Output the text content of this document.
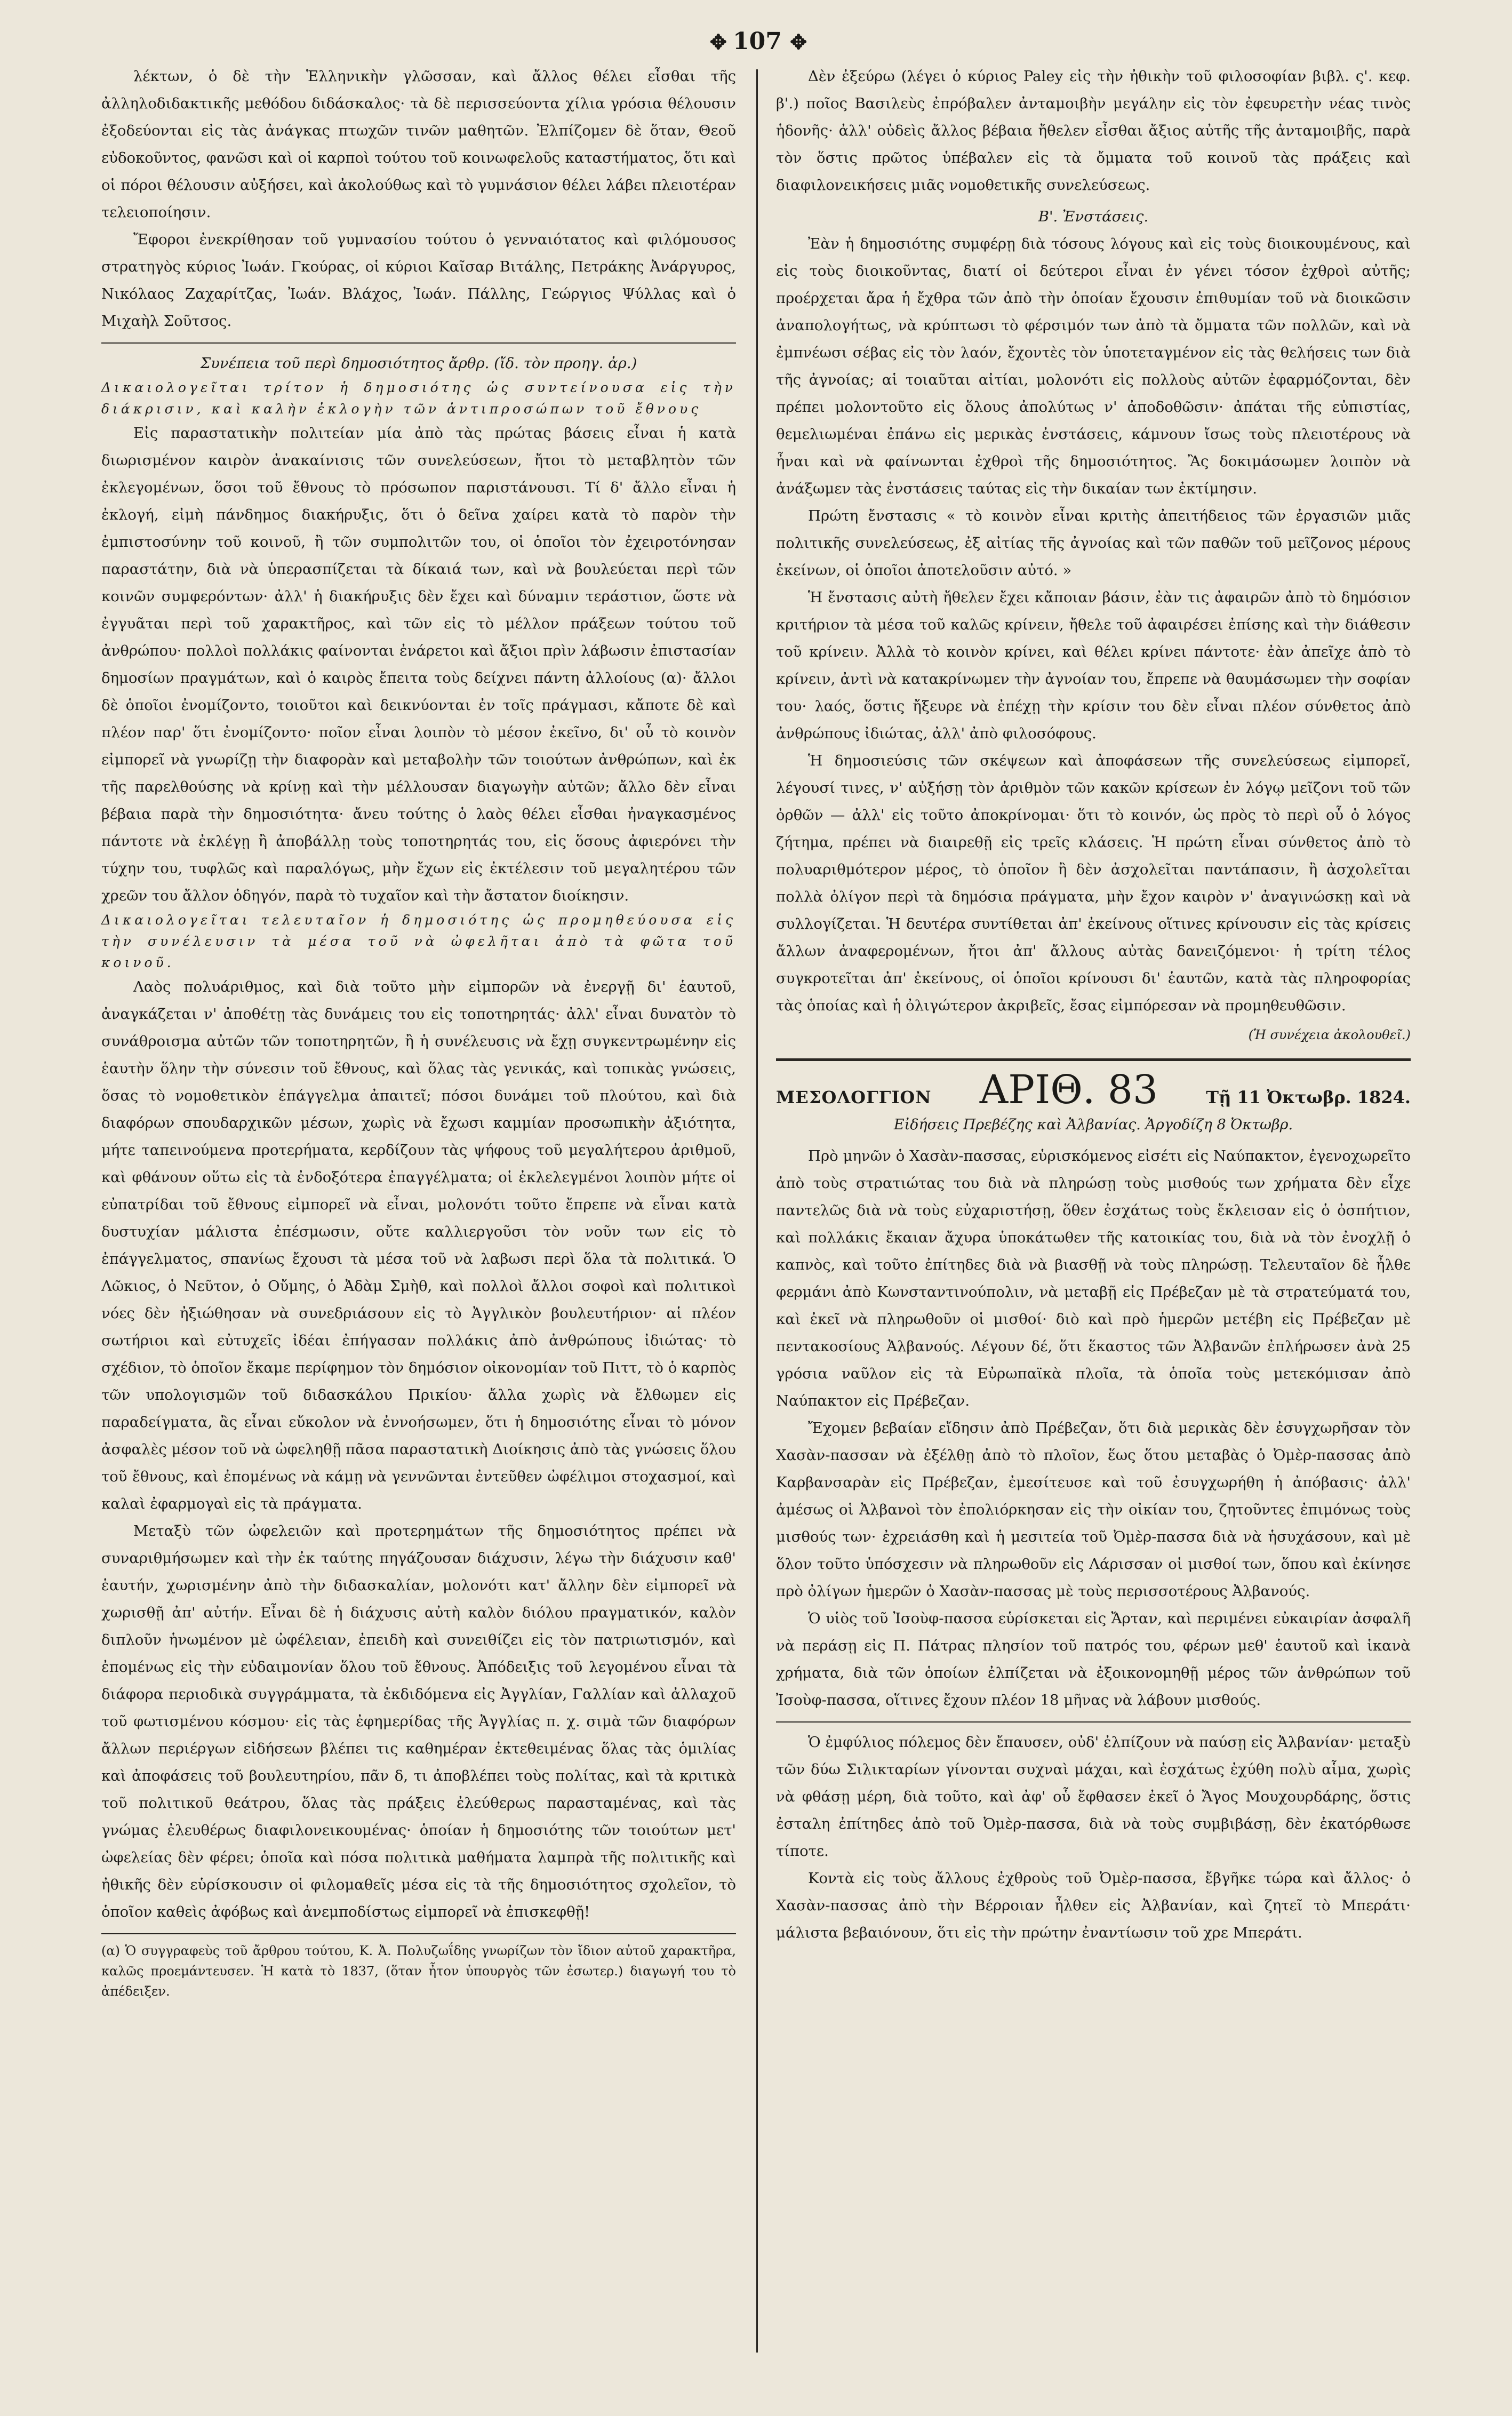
✥ 107 ✥

λέκτων, ὁ δὲ τὴν Ἑλληνικὴν γλῶσσαν, καὶ ἄλλος θέλει εἶσθαι τῆς ἀλληλοδιδακτικῆς μεθόδου διδάσκαλος· τὰ δὲ περισσεύοντα χίλια γρόσια θέλουσιν ἐξοδεύονται εἰς τὰς ἀνάγκας πτωχῶν τινῶν μαθητῶν. Ἐλπίζομεν δὲ ὅταν, Θεοῦ εὐδοκοῦντος, φανῶσι καὶ οἱ καρποὶ τούτου τοῦ κοινωφελοῦς καταστήματος, ὅτι καὶ οἱ πόροι θέλουσιν αὐξήσει, καὶ ἀκολούθως καὶ τὸ γυμνάσιον θέλει λάβει πλειοτέραν τελειοποίησιν.

Ἔφοροι ἐνεκρίθησαν τοῦ γυμνασίου τούτου ὁ γενναιότατος καὶ φιλόμουσος στρατηγὸς κύριος Ἰωάν. Γκούρας, οἱ κύριοι Καῖσαρ Βιτάλης, Πετράκης Ἀνάργυρος, Νικόλαος Ζαχαρίτζας, Ἰωάν. Βλάχος, Ἰωάν. Πάλλης, Γεώργιος Ψύλλας καὶ ὁ Μιχαὴλ Σοῦτσος.

Συνέπεια τοῦ περὶ δημοσιότητος ἄρθρ. (ἴδ. τὸν προηγ. ἀρ.)

Δικαιολογεῖται τρίτον ἡ δημοσιότης ὡς συντείνουσα εἰς τὴν διάκρισιν, καὶ καλὴν ἐκλογὴν τῶν ἀντιπροσώπων τοῦ ἔθνους

Εἰς παραστατικὴν πολιτείαν μία ἀπὸ τὰς πρώτας βάσεις εἶναι ἡ κατὰ διωρισμένον καιρὸν ἀνακαίνισις τῶν συνελεύσεων, ἤτοι τὸ μεταβλητὸν τῶν ἐκλεγομένων, ὅσοι τοῦ ἔθνους τὸ πρόσωπον παριστάνουσι. Τί δ' ἄλλο εἶναι ἡ ἐκλογή, εἰμὴ πάνδημος διακήρυξις, ὅτι ὁ δεῖνα χαίρει κατὰ τὸ παρὸν τὴν ἐμπιστοσύνην τοῦ κοινοῦ, ἢ τῶν συμπολιτῶν του, οἱ ὁποῖοι τὸν ἐχειροτόνησαν παραστάτην, διὰ νὰ ὑπερασπίζεται τὰ δίκαιά των, καὶ νὰ βουλεύεται περὶ τῶν κοινῶν συμφερόντων· ἀλλ' ἡ διακήρυξις δὲν ἔχει καὶ δύναμιν τεράστιον, ὥστε νὰ ἐγγυᾶται περὶ τοῦ χαρακτῆρος, καὶ τῶν εἰς τὸ μέλλον πράξεων τούτου τοῦ ἀνθρώπου· πολλοὶ πολλάκις φαίνονται ἐνάρετοι καὶ ἄξιοι πρὶν λάβωσιν ἐπιστασίαν δημοσίων πραγμάτων, καὶ ὁ καιρὸς ἔπειτα τοὺς δείχνει πάντη ἀλλοίους (α)· ἄλλοι δὲ ὁποῖοι ἐνομίζοντο, τοιοῦτοι καὶ δεικνύονται ἐν τοῖς πράγμασι, κἄποτε δὲ καὶ πλέον παρ' ὅτι ἐνομίζοντο· ποῖον εἶναι λοιπὸν τὸ μέσον ἐκεῖνο, δι' οὗ τὸ κοινὸν εἰμπορεῖ νὰ γνωρίζῃ τὴν διαφορὰν καὶ μεταβολὴν τῶν τοιούτων ἀνθρώπων, καὶ ἐκ τῆς παρελθούσης νὰ κρίνῃ καὶ τὴν μέλλουσαν διαγωγὴν αὐτῶν; ἄλλο δὲν εἶναι βέβαια παρὰ τὴν δημοσιότητα· ἄνευ τούτης ὁ λαὸς θέλει εἶσθαι ἠναγκασμένος πάντοτε νὰ ἐκλέγῃ ἢ ἀποβάλλῃ τοὺς τοποτηρητάς του, εἰς ὅσους ἀφιερόνει τὴν τύχην του, τυφλῶς καὶ παραλόγως, μὴν ἔχων εἰς ἐκτέλεσιν τοῦ μεγαλητέρου τῶν χρεῶν του ἄλλον ὁδηγόν, παρὰ τὸ τυχαῖον καὶ τὴν ἄστατον διοίκησιν.

Δικαιολογεῖται τελευταῖον ἡ δημοσιότης ὡς προμηθεύουσα εἰς τὴν συνέλευσιν τὰ μέσα τοῦ νὰ ὠφελῆται ἀπὸ τὰ φῶτα τοῦ κοινοῦ.

Λαὸς πολυάριθμος, καὶ διὰ τοῦτο μὴν εἰμπορῶν νὰ ἐνεργῇ δι' ἑαυτοῦ, ἀναγκάζεται ν' ἀποθέτῃ τὰς δυνάμεις του εἰς τοποτηρητάς· ἀλλ' εἶναι δυνατὸν τὸ συνάθροισμα αὐτῶν τῶν τοποτηρητῶν, ἢ ἡ συνέλευσις νὰ ἔχῃ συγκεντρωμένην εἰς ἑαυτὴν ὅλην τὴν σύνεσιν τοῦ ἔθνους, καὶ ὅλας τὰς γενικάς, καὶ τοπικὰς γνώσεις, ὅσας τὸ νομοθετικὸν ἐπάγγελμα ἀπαιτεῖ; πόσοι δυνάμει τοῦ πλούτου, καὶ διὰ διαφόρων σπουδαρχικῶν μέσων, χωρὶς νὰ ἔχωσι καμμίαν προσωπικὴν ἀξιότητα, μήτε ταπεινούμενα προτερήματα, κερδίζουν τὰς ψήφους τοῦ μεγαλήτερου ἀριθμοῦ, καὶ φθάνουν οὕτω εἰς τὰ ἐνδοξότερα ἐπαγγέλματα; οἱ ἐκλελεγμένοι λοιπὸν μήτε οἱ εὐπατρίδαι τοῦ ἔθνους εἰμπορεῖ νὰ εἶναι, μολονότι τοῦτο ἔπρεπε νὰ εἶναι κατὰ δυστυχίαν μάλιστα ἐπέσμωσιν, οὔτε καλλιεργοῦσι τὸν νοῦν των εἰς τὸ ἐπάγγελματος, σπανίως ἔχουσι τὰ μέσα τοῦ νὰ λαβωσι περὶ ὅλα τὰ πολιτικά. Ὁ Λῶκιος, ὁ Νεῦτον, ὁ Οὔμης, ὁ Ἀδὰμ Σμὴθ, καὶ πολλοὶ ἄλλοι σοφοὶ καὶ πολιτικοὶ νόες δὲν ἠξιώθησαν νὰ συνεδριάσουν εἰς τὸ Ἀγγλικὸν βουλευτήριον· αἱ πλέον σωτήριοι καὶ εὐτυχεῖς ἰδέαι ἐπήγασαν πολλάκις ἀπὸ ἀνθρώπους ἰδιώτας· τὸ σχέδιον, τὸ ὁποῖον ἔκαμε περίφημον τὸν δημόσιον οἰκονομίαν τοῦ Πιττ, τὸ ὁ καρπὸς τῶν υπολογισμῶν τοῦ διδασκάλου Πρικίου· ἄλλα χωρὶς νὰ ἔλθωμεν εἰς παραδείγματα, ἂς εἶναι εὔκολον νὰ ἐννοήσωμεν, ὅτι ἡ δημοσιότης εἶναι τὸ μόνον ἀσφαλὲς μέσον τοῦ νὰ ὠφεληθῇ πᾶσα παραστατικὴ Διοίκησις ἀπὸ τὰς γνώσεις ὅλου τοῦ ἔθνους, καὶ ἐπομένως νὰ κάμῃ νὰ γεννῶνται ἐντεῦθεν ὠφέλιμοι στοχασμοί, καὶ καλαὶ ἐφαρμογαὶ εἰς τὰ πράγματα.

Μεταξὺ τῶν ὠφελειῶν καὶ προτερημάτων τῆς δημοσιότητος πρέπει νὰ συναριθμήσωμεν καὶ τὴν ἐκ ταύτης πηγάζουσαν διάχυσιν, λέγω τὴν διάχυσιν καθ' ἑαυτήν, χωρισμένην ἀπὸ τὴν διδασκαλίαν, μολονότι κατ' ἄλλην δὲν εἰμπορεῖ νὰ χωρισθῇ ἀπ' αὐτήν. Εἶναι δὲ ἡ διάχυσις αὐτὴ καλὸν διόλου πραγματικόν, καλὸν διπλοῦν ἡνωμένον μὲ ὠφέλειαν, ἐπειδὴ καὶ συνειθίζει εἰς τὸν πατριωτισμόν, καὶ ἐπομένως εἰς τὴν εὐδαιμονίαν ὅλου τοῦ ἔθνους. Ἀπόδειξις τοῦ λεγομένου εἶναι τὰ διάφορα περιοδικὰ συγγράμματα, τὰ ἐκδιδόμενα εἰς Ἀγγλίαν, Γαλλίαν καὶ ἀλλαχοῦ τοῦ φωτισμένου κόσμου· εἰς τὰς ἐφημερίδας τῆς Ἀγγλίας π. χ. σιμὰ τῶν διαφόρων ἄλλων περιέργων εἰδήσεων βλέπει τις καθημέραν ἐκτεθειμένας ὅλας τὰς ὁμιλίας καὶ ἀποφάσεις τοῦ βουλευτηρίου, πᾶν δ, τι ἀποβλέπει τοὺς πολίτας, καὶ τὰ κριτικὰ τοῦ πολιτικοῦ θεάτρου, ὅλας τὰς πράξεις ἐλεύθερως παρασταμένας, καὶ τὰς γνώμας ἐλευθέρως διαφιλονεικουμένας· ὁποίαν ἡ δημοσιότης τῶν τοιούτων μετ' ὠφελείας δὲν φέρει; ὁποῖα καὶ πόσα πολιτικὰ μαθήματα λαμπρὰ τῆς πολιτικῆς καὶ ἠθικῆς δὲν εὑρίσκουσιν οἱ φιλομαθεῖς μέσα εἰς τὰ τῆς δημοσιότητος σχολεῖον, τὸ ὁποῖον καθεὶς ἀφόβως καὶ ἀνεμποδίστως εἰμπορεῖ νὰ ἐπισκεφθῇ!

(α) Ὁ συγγραφεὺς τοῦ ἄρθρου τούτου, Κ. Ἀ. Πολυζωΐδης γνωρίζων τὸν ἴδιον αὐτοῦ χαρακτῆρα, καλῶς προεμάντευσεν. Ἡ κατὰ τὸ 1837, (ὅταν ἦτον ὑπουργὸς τῶν ἐσωτερ.) διαγωγή του τὸ ἀπέδειξεν.

Δὲν ἐξεύρω (λέγει ὁ κύριος Paley εἰς τὴν ἠθικὴν τοῦ φιλοσοφίαν βιβλ. ς'. κεφ. β'.) ποῖος Βασιλεὺς ἐπρόβαλεν ἀνταμοιβὴν μεγάλην εἰς τὸν ἐφευρετὴν νέας τινὸς ἡδονῆς· ἀλλ' οὐδεὶς ἄλλος βέβαια ἤθελεν εἶσθαι ἄξιος αὐτῆς τῆς ἀνταμοιβῆς, παρὰ τὸν ὅστις πρῶτος ὑπέβαλεν εἰς τὰ ὄμματα τοῦ κοινοῦ τὰς πράξεις καὶ διαφιλονεικήσεις μιᾶς νομοθετικῆς συνελεύσεως.

Β'. Ἐνστάσεις.

Ἐὰν ἡ δημοσιότης συμφέρῃ διὰ τόσους λόγους καὶ εἰς τοὺς διοικουμένους, καὶ εἰς τοὺς διοικοῦντας, διατί οἱ δεύτεροι εἶναι ἐν γένει τόσον ἐχθροὶ αὐτῆς; προέρχεται ἄρα ἡ ἔχθρα τῶν ἀπὸ τὴν ὁποίαν ἔχουσιν ἐπιθυμίαν τοῦ νὰ διοικῶσιν ἀναπολογήτως, νὰ κρύπτωσι τὸ φέρσιμόν των ἀπὸ τὰ ὄμματα τῶν πολλῶν, καὶ νὰ ἐμπνέωσι σέβας εἰς τὸν λαόν, ἔχοντὲς τὸν ὑποτεταγμένον εἰς τὰς θελήσεις των διὰ τῆς ἀγνοίας; αἱ τοιαῦται αἰτίαι, μολονότι εἰς πολλοὺς αὐτῶν ἐφαρμόζονται, δὲν πρέπει μολοντοῦτο εἰς ὅλους ἀπολύτως ν' ἀποδοθῶσιν· ἀπάται τῆς εὐπιστίας, θεμελιωμέναι ἐπάνω εἰς μερικὰς ἐνστάσεις, κάμνουν ἴσως τοὺς πλειοτέρους νὰ ἦναι καὶ νὰ φαίνωνται ἐχθροὶ τῆς δημοσιότητος. Ἂς δοκιμάσωμεν λοιπὸν νὰ ἀνάξωμεν τὰς ἐνστάσεις ταύτας εἰς τὴν δικαίαν των ἐκτίμησιν.

Πρώτη ἔνστασις « τὸ κοινὸν εἶναι κριτὴς ἀπειτήδειος τῶν ἐργασιῶν μιᾶς πολιτικῆς συνελεύσεως, ἐξ αἰτίας τῆς ἀγνοίας καὶ τῶν παθῶν τοῦ μεῖζονος μέρους ἐκείνων, οἱ ὁποῖοι ἀποτελοῦσιν αὐτό. »

Ἡ ἔνστασις αὐτὴ ἤθελεν ἔχει κἄποιαν βάσιν, ἐὰν τις ἀφαιρῶν ἀπὸ τὸ δημόσιον κριτήριον τὰ μέσα τοῦ καλῶς κρίνειν, ἤθελε τοῦ ἀφαιρέσει ἐπίσης καὶ τὴν διάθεσιν τοῦ κρίνειν. Ἀλλὰ τὸ κοινὸν κρίνει, καὶ θέλει κρίνει πάντοτε· ἐὰν ἀπεῖχε ἀπὸ τὸ κρίνειν, ἀντὶ νὰ κατακρίνωμεν τὴν ἀγνοίαν του, ἔπρεπε νὰ θαυμάσωμεν τὴν σοφίαν του· λαός, ὅστις ἤξευρε νὰ ἐπέχῃ τὴν κρίσιν του δὲν εἶναι πλέον σύνθετος ἀπὸ ἀνθρώπους ἰδιώτας, ἀλλ' ἀπὸ φιλοσόφους.

Ἡ δημοσιεύσις τῶν σκέψεων καὶ ἀποφάσεων τῆς συνελεύσεως εἰμπορεῖ, λέγουσί τινες, ν' αὐξήσῃ τὸν ἀριθμὸν τῶν κακῶν κρίσεων ἐν λόγῳ μεῖζονι τοῦ τῶν ὀρθῶν — ἀλλ' εἰς τοῦτο ἀποκρίνομαι· ὅτι τὸ κοινόν, ὡς πρὸς τὸ περὶ οὗ ὁ λόγος ζήτημα, πρέπει νὰ διαιρεθῇ εἰς τρεῖς κλάσεις. Ἡ πρώτη εἶναι σύνθετος ἀπὸ τὸ πολυαριθμότερον μέρος, τὸ ὁποῖον ἢ δὲν ἀσχολεῖται παντάπασιν, ἢ ἀσχολεῖται πολλὰ ὀλίγον περὶ τὰ δημόσια πράγματα, μὴν ἔχον καιρὸν ν' ἀναγινώσκῃ καὶ νὰ συλλογίζεται. Ἡ δευτέρα συντίθεται ἀπ' ἐκείνους οἵτινες κρίνουσιν εἰς τὰς κρίσεις ἄλλων ἀναφερομένων, ἤτοι ἀπ' ἄλλους αὐτὰς δανειζόμενοι· ἡ τρίτη τέλος συγκροτεῖται ἀπ' ἐκείνους, οἱ ὁποῖοι κρίνουσι δι' ἑαυτῶν, κατὰ τὰς πληροφορίας τὰς ὁποίας καὶ ἡ ὀλιγώτερον ἀκριβεῖς, ἔσας εἰμπόρεσαν νὰ προμηθευθῶσιν.

(Ἡ συνέχεια ἀκολουθεῖ.)

ΜΕΣΟΛΟΓΓΙΟΝ ΑΡΙΘ. 83	Τῇ 11 Ὀκτωβρ. 1824.

Εἰδήσεις Πρεβέζης καὶ Ἀλβανίας. Ἀργοδίζη 8 Ὀκτωβρ.

Πρὸ μηνῶν ὁ Χασὰν-πασσας, εὑρισκόμενος εἰσέτι εἰς Ναύπακτον, ἐγενοχωρεῖτο ἀπὸ τοὺς στρατιώτας του διὰ νὰ πληρώσῃ τοὺς μισθούς των χρήματα δὲν εἶχε παντελῶς διὰ νὰ τοὺς εὐχαριστήσῃ, ὅθεν ἐσχάτως τοὺς ἔκλεισαν εἰς ὁ ὀσπήτιον, καὶ πολλάκις ἔκαιαν ἄχυρα ὑποκάτωθεν τῆς κατοικίας του, διὰ νὰ τὸν ἐνοχλῇ ὁ καπνὸς, καὶ τοῦτο ἐπίτηδες διὰ νὰ βιασθῇ νὰ τοὺς πληρώσῃ. Τελευταῖον δὲ ἦλθε φερμάνι ἀπὸ Κωνσταντινούπολιν, νὰ μεταβῇ εἰς Πρέβεζαν μὲ τὰ στρατεύματά του, καὶ ἐκεῖ νὰ πληρωθοῦν οἱ μισθοί· διὸ καὶ πρὸ ἡμερῶν μετέβη εἰς Πρέβεζαν μὲ πεντακοσίους Ἀλβανούς. Λέγουν δέ, ὅτι ἕκαστος τῶν Ἀλβανῶν ἐπλήρωσεν ἀνὰ 25 γρόσια ναῦλον εἰς τὰ Εὐρωπαϊκὰ πλοῖα, τὰ ὁποῖα τοὺς μετεκόμισαν ἀπὸ Ναύπακτον εἰς Πρέβεζαν.

Ἔχομεν βεβαίαν εἴδησιν ἀπὸ Πρέβεζαν, ὅτι διὰ μερικὰς δὲν ἐσυγχωρῆσαν τὸν Χασὰν-πασσαν νὰ ἐξέλθῃ ἀπὸ τὸ πλοῖον, ἕως ὅτου μεταβὰς ὁ Ὀμὲρ-πασσας ἀπὸ Καρβανσαρὰν εἰς Πρέβεζαν, ἐμεσίτευσε καὶ τοῦ ἐσυγχωρήθη ἡ ἀπόβασις· ἀλλ' ἀμέσως οἱ Ἀλβανοὶ τὸν ἐπολιόρκησαν εἰς τὴν οἰκίαν του, ζητοῦντες ἐπιμόνως τοὺς μισθούς των· ἐχρειάσθη καὶ ἡ μεσιτεία τοῦ Ὀμὲρ-πασσα διὰ νὰ ἡσυχάσουν, καὶ μὲ ὅλον τοῦτο ὑπόσχεσιν νὰ πληρωθοῦν εἰς Λάρισσαν οἱ μισθοί των, ὅπου καὶ ἐκίνησε πρὸ ὀλίγων ἡμερῶν ὁ Χασὰν-πασσας μὲ τοὺς περισσοτέρους Ἀλβανούς.

Ὁ υἱὸς τοῦ Ἰσοὺφ-πασσα εὑρίσκεται εἰς Ἄρταν, καὶ περιμένει εὐκαιρίαν ἀσφαλῆ νὰ περάσῃ εἰς Π. Πάτρας πλησίον τοῦ πατρός του, φέρων μεθ' ἑαυτοῦ καὶ ἱκανὰ χρήματα, διὰ τῶν ὁποίων ἐλπίζεται νὰ ἐξοικονομηθῇ μέρος τῶν ἀνθρώπων τοῦ Ἰσοὺφ-πασσα, οἵτινες ἔχουν πλέον 18 μῆνας νὰ λάβουν μισθούς.

Ὁ ἐμφύλιος πόλεμος δὲν ἔπαυσεν, οὐδ' ἐλπίζουν νὰ παύσῃ εἰς Ἀλβανίαν· μεταξὺ τῶν δύω Σιλικταρίων γίνονται συχναὶ μάχαι, καὶ ἐσχάτως ἐχύθη πολὺ αἷμα, χωρὶς νὰ φθάσῃ μέρη, διὰ τοῦτο, καὶ ἀφ' οὗ ἔφθασεν ἐκεῖ ὁ Ἄγος Μουχουρδάρης, ὅστις ἐσταλη ἐπίτηδες ἀπὸ τοῦ Ὀμὲρ-πασσα, διὰ νὰ τοὺς συμβιβάσῃ, δὲν ἐκατόρθωσε τίποτε.

Κοντὰ εἰς τοὺς ἄλλους ἐχθροὺς τοῦ Ὀμὲρ-πασσα, ἔβγῆκε τώρα καὶ ἄλλος· ὁ Χασὰν-πασσας ἀπὸ τὴν Βέρροιαν ἦλθεν εἰς Ἀλβανίαν, καὶ ζητεῖ τὸ Μπεράτι· μάλιστα βεβαιόνουν, ὅτι εἰς τὴν πρώτην ἐναντίωσιν τοῦ χρε Μπεράτι.
